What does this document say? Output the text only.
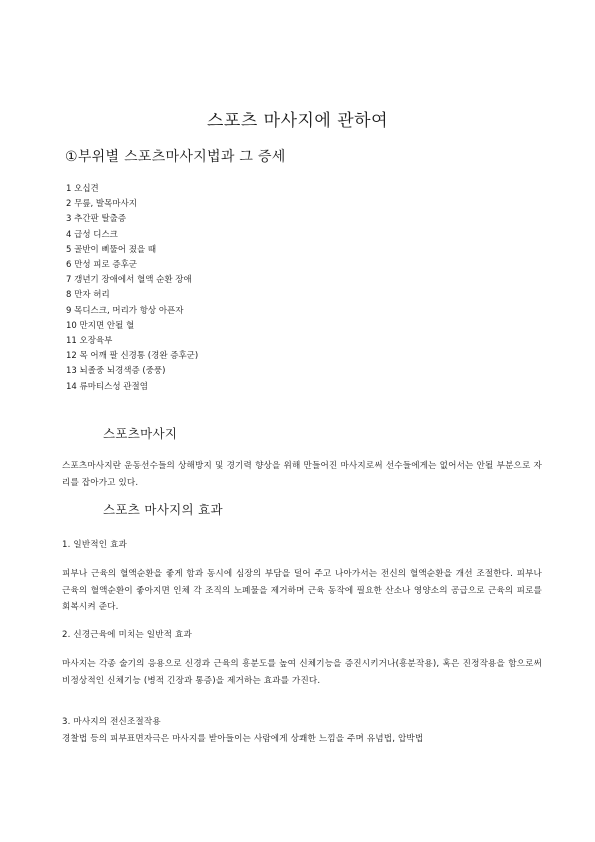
스포츠 마사지에 관하여
①부위별 스포츠마사지법과 그 증세
1 오십견
2 무릎, 발목마사지
3 추간판 탈출증
4 급성 디스크
5 골반이 삐뚤어 졌을 때
6 만성 피로 증후군
7 갱년기 장애에서 혈액 순환 장애
8 만자 허리
9 목디스크, 머리가 항상 아픈자
10 만지면 안될 혈
11 오장육부
12 목 어깨 팔 신경통 (경완 증후군)
13 뇌졸중 뇌경색증 (중풍)
14 류마티스성 관절염
스포츠마사지

스포츠마사지란 운동선수들의 상해방지 및 경기력 향상을 위해 만들어진 마사지로써 선수들에게는 없어서는 안될 부분으로 자리를 잡아가고 있다.

스포츠 마사지의 효과

1. 일반적인 효과

피부나 근육의 혈액순환을 좋게 함과 동시에 심장의 부담을 덜어 주고 나아가서는 전신의 혈액순환을 개선 조절한다. 피부나 근육의 혈액순환이 좋아지면 인체 각 조직의 노폐물을 제거하며 근육 동작에 필요한 산소나 영양소의 공급으로 근육의 피로를 회복시켜 준다.

2. 신경근육에 미치는 일반적 효과

마사지는 각종 술기의 응용으로 신경과 근육의 흥분도를 높여 신체기능을 증진시키거나(흥분작용), 혹은 진정작용을 함으로써 비정상적인 신체기능 (병적 긴장과 통증)을 제거하는 효과를 가진다.

3. 마사지의 전신조절작용

경찰법 등의 피부표면자극은 마사지를 받아들이는 사람에게 상쾌한 느낌을 주며 유념법, 압박법
